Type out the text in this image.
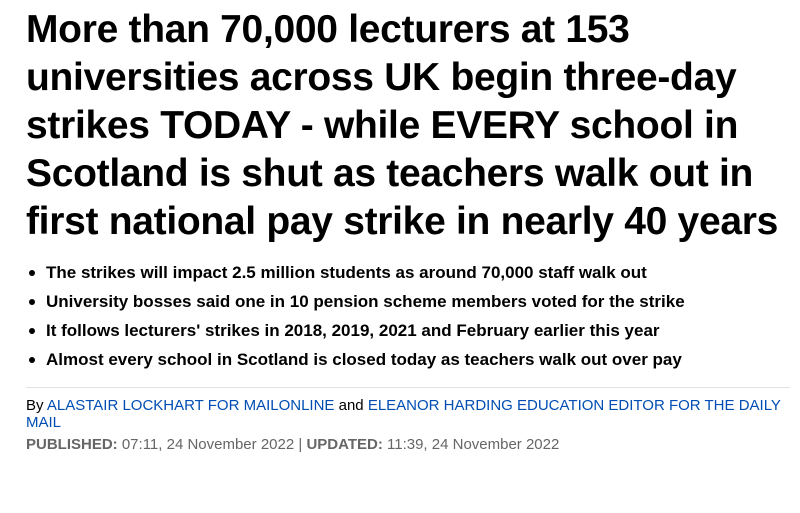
More than 70,000 lecturers at 153 universities across UK begin three-day strikes TODAY - while EVERY school in Scotland is shut as teachers walk out in first national pay strike in nearly 40 years
The strikes will impact 2.5 million students as around 70,000 staff walk out
University bosses said one in 10 pension scheme members voted for the strike
It follows lecturers' strikes in 2018, 2019, 2021 and February earlier this year
Almost every school in Scotland is closed today as teachers walk out over pay
By ALASTAIR LOCKHART FOR MAILONLINE and ELEANOR HARDING EDUCATION EDITOR FOR THE DAILY MAIL
PUBLISHED: 07:11, 24 November 2022 | UPDATED: 11:39, 24 November 2022
